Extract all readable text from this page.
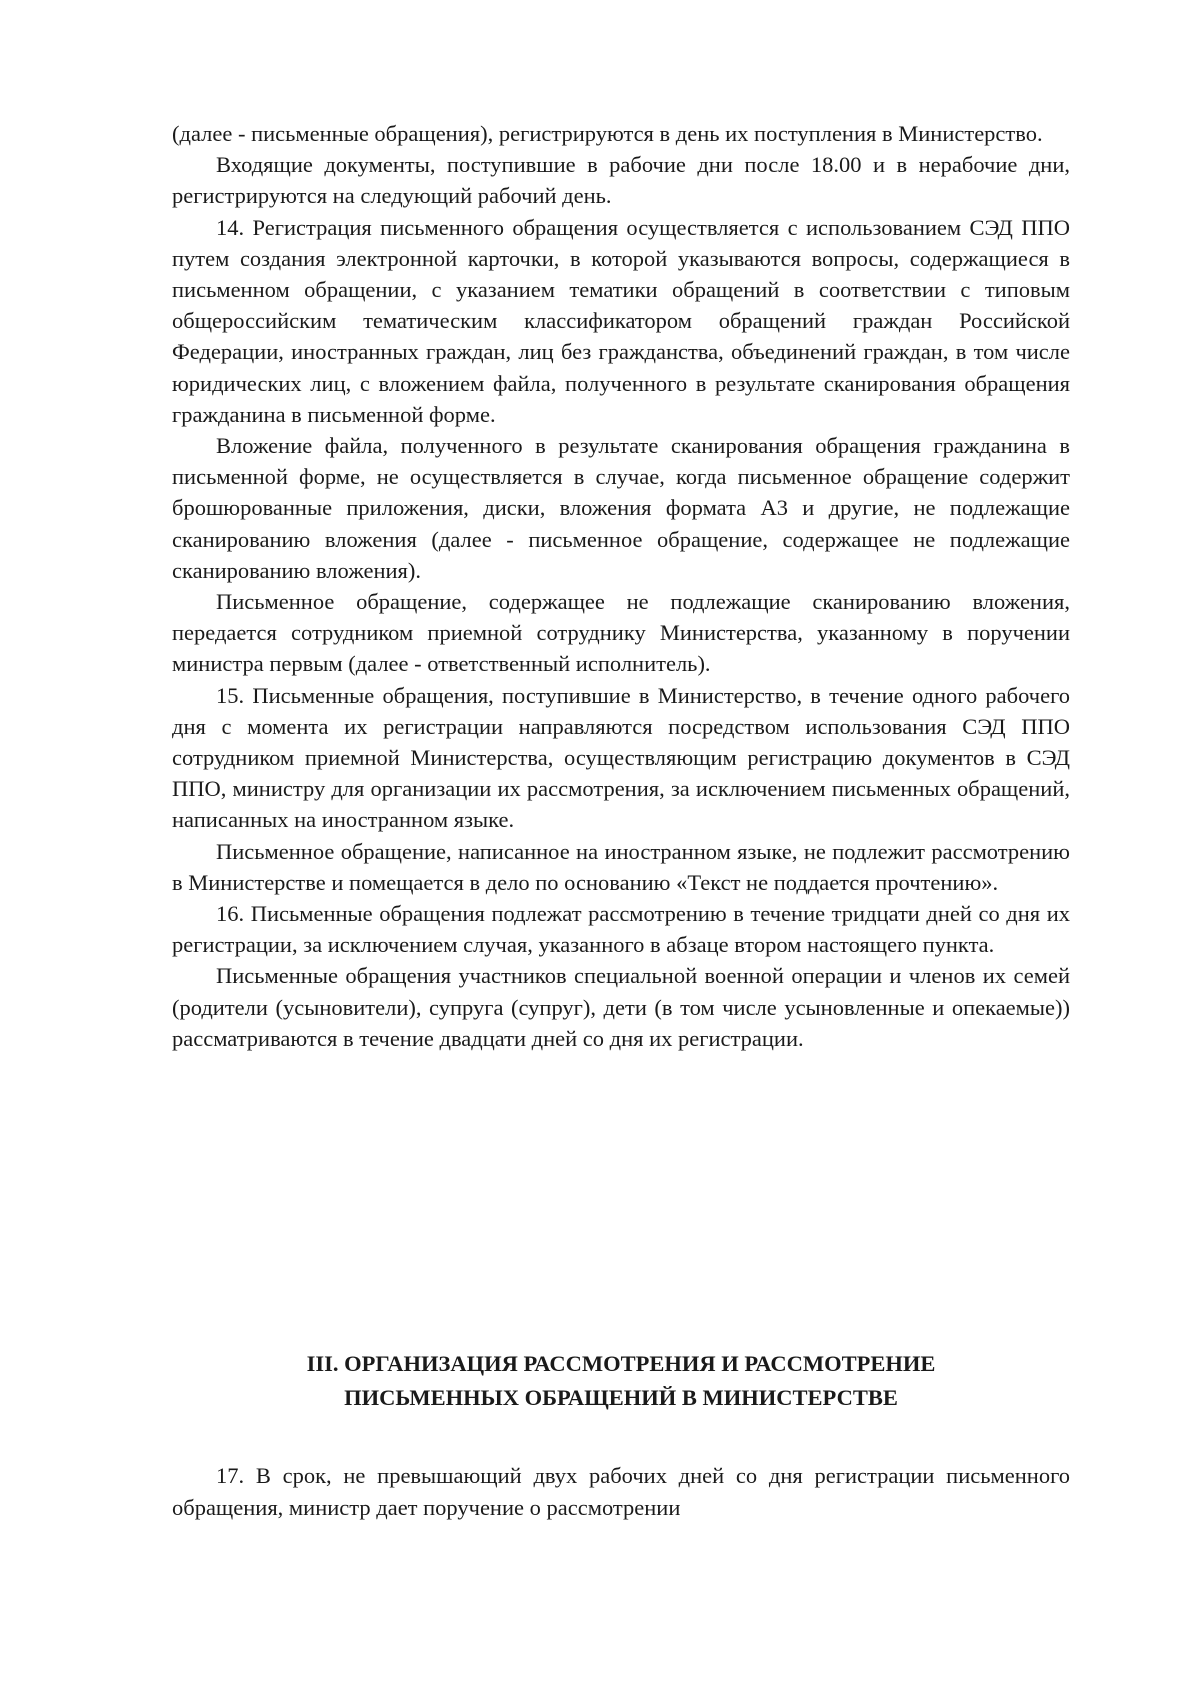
(далее - письменные обращения), регистрируются в день их поступления в Министерство.

Входящие документы, поступившие в рабочие дни после 18.00 и в нерабочие дни, регистрируются на следующий рабочий день.

14. Регистрация письменного обращения осуществляется с использованием СЭД ППО путем создания электронной карточки, в которой указываются вопросы, содержащиеся в письменном обращении, с указанием тематики обращений в соответствии с типовым общероссийским тематическим классификатором обращений граждан Российской Федерации, иностранных граждан, лиц без гражданства, объединений граждан, в том числе юридических лиц, с вложением файла, полученного в результате сканирования обращения гражданина в письменной форме.

Вложение файла, полученного в результате сканирования обращения гражданина в письменной форме, не осуществляется в случае, когда письменное обращение содержит брошюрованные приложения, диски, вложения формата А3 и другие, не подлежащие сканированию вложения (далее - письменное обращение, содержащее не подлежащие сканированию вложения).

Письменное обращение, содержащее не подлежащие сканированию вложения, передается сотрудником приемной сотруднику Министерства, указанному в поручении министра первым (далее - ответственный исполнитель).

15. Письменные обращения, поступившие в Министерство, в течение одного рабочего дня с момента их регистрации направляются посредством использования СЭД ППО сотрудником приемной Министерства, осуществляющим регистрацию документов в СЭД ППО, министру для организации их рассмотрения, за исключением письменных обращений, написанных на иностранном языке.

Письменное обращение, написанное на иностранном языке, не подлежит рассмотрению в Министерстве и помещается в дело по основанию «Текст не поддается прочтению».

16. Письменные обращения подлежат рассмотрению в течение тридцати дней со дня их регистрации, за исключением случая, указанного в абзаце втором настоящего пункта.

Письменные обращения участников специальной военной операции и членов их семей (родители (усыновители), супруга (супруг), дети (в том числе усыновленные и опекаемые)) рассматриваются в течение двадцати дней со дня их регистрации.

III. ОРГАНИЗАЦИЯ РАССМОТРЕНИЯ И РАССМОТРЕНИЕ
ПИСЬМЕННЫХ ОБРАЩЕНИЙ В МИНИСТЕРСТВЕ

17. В срок, не превышающий двух рабочих дней со дня регистрации письменного обращения, министр дает поручение о рассмотрении
